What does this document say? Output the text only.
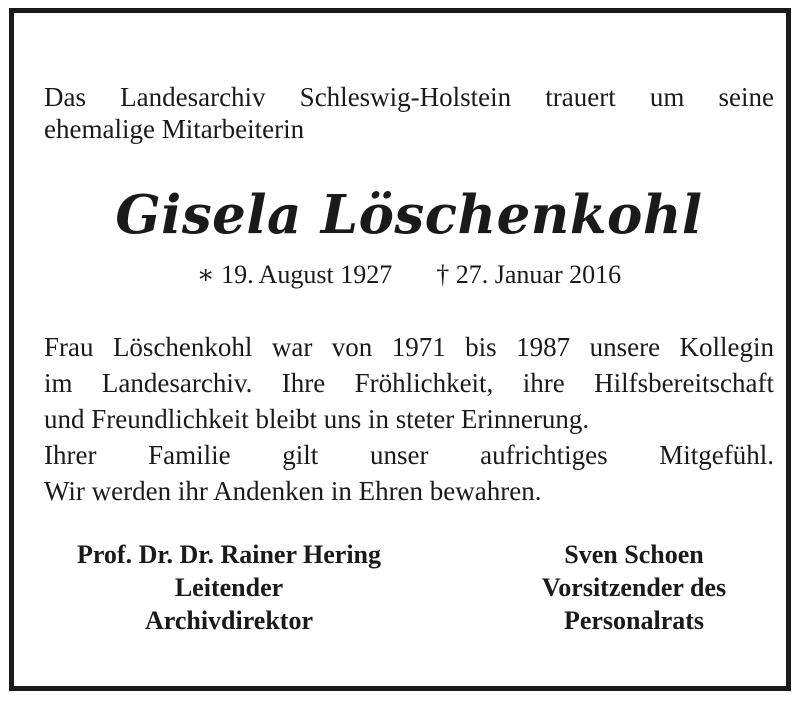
Das Landesarchiv Schleswig-Holstein trauert um seine
ehemalige Mitarbeiterin

Gisela Löschenkohl

∗ 19. August 1927 † 27. Januar 2016

Frau Löschenkohl war von 1971 bis 1987 unsere Kollegin
im Landesarchiv. Ihre Fröhlichkeit, ihre Hilfsbereitschaft
und Freundlichkeit bleibt uns in steter Erinnerung.

Ihrer Familie gilt unser aufrichtiges Mitgefühl.
Wir werden ihr Andenken in Ehren bewahren.

Prof. Dr. Dr. Rainer Hering
Leitender
Archivdirektor
Sven Schoen
Vorsitzender des
Personalrats
